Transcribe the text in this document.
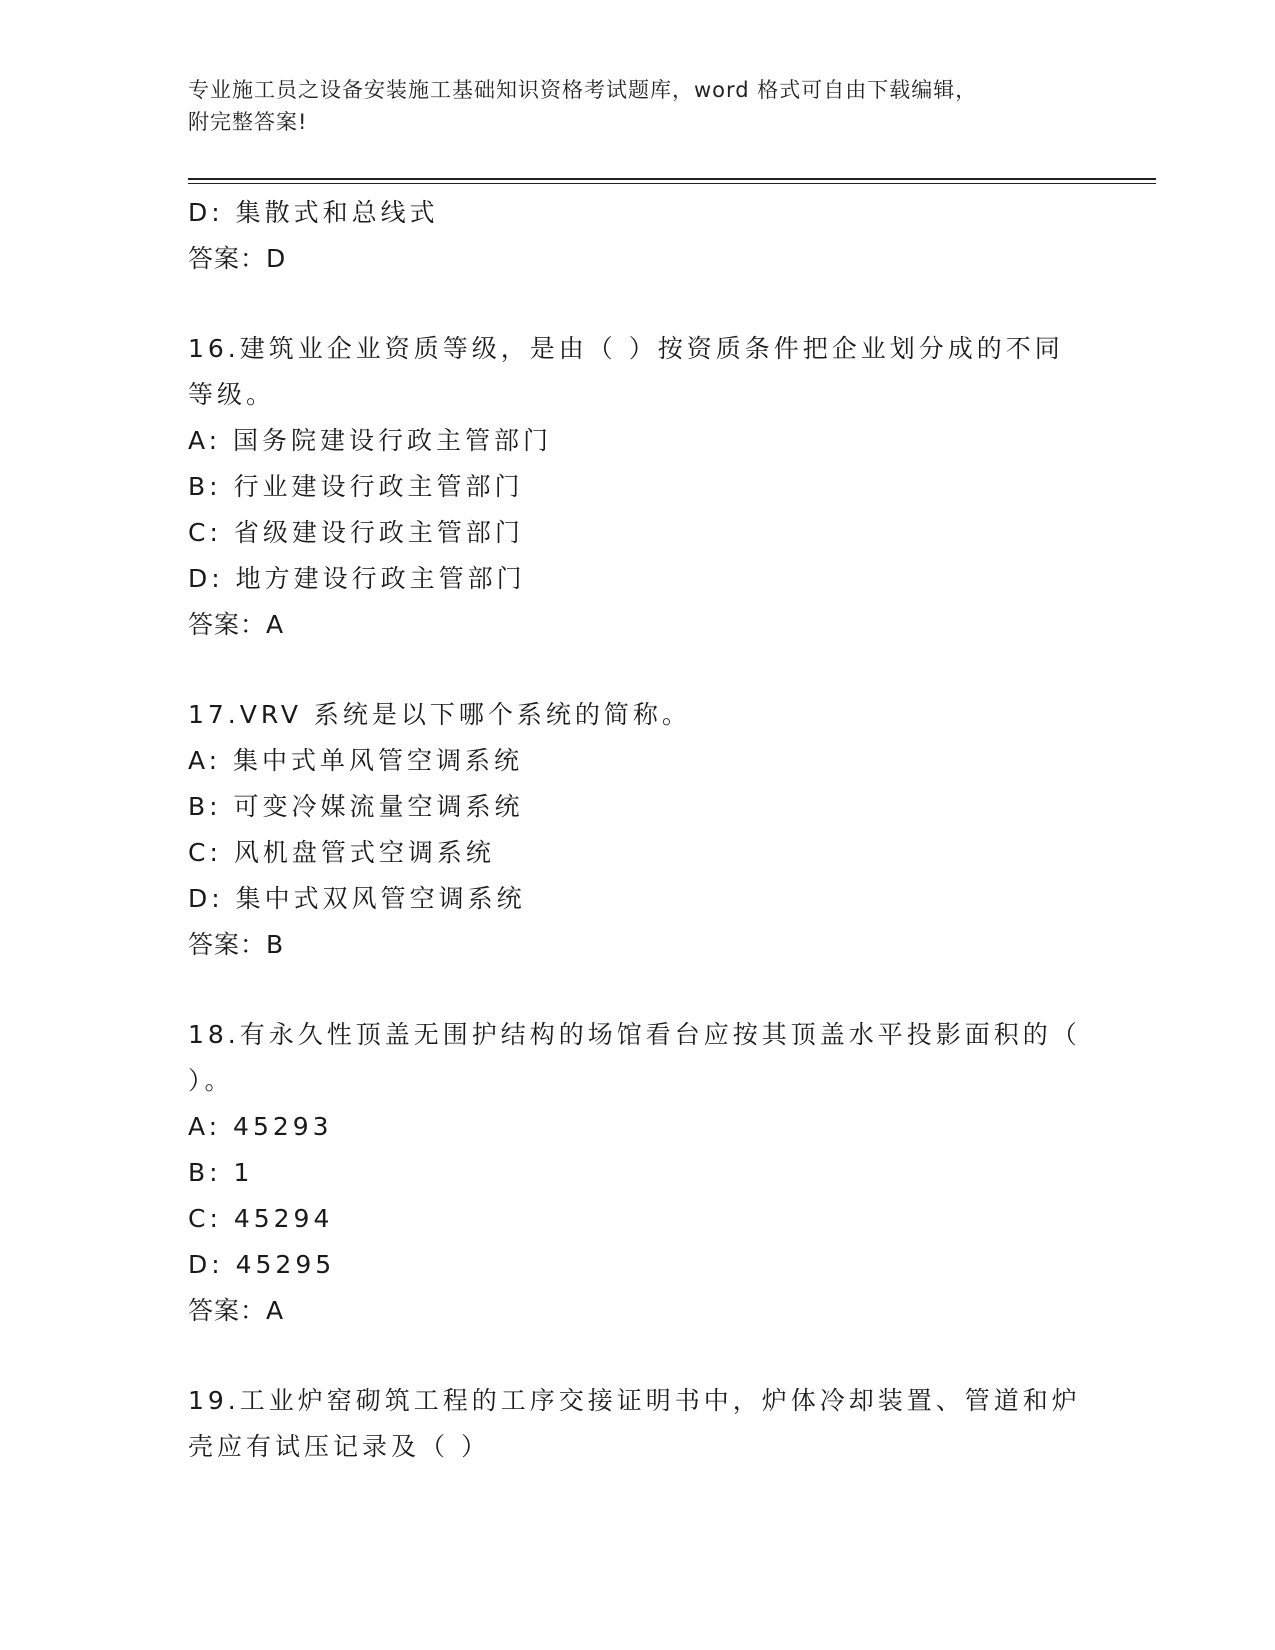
专业施工员之设备安装施工基础知识资格考试题库，word 格式可自由下载编辑，
附完整答案!
D: 集散式和总线式
答案：D
16.建筑业企业资质等级，是由（ ）按资质条件把企业划分成的不同
等级。
A: 国务院建设行政主管部门
B: 行业建设行政主管部门
C: 省级建设行政主管部门
D: 地方建设行政主管部门
答案：A
17.VRV 系统是以下哪个系统的简称。
A: 集中式单风管空调系统
B: 可变冷媒流量空调系统
C: 风机盘管式空调系统
D: 集中式双风管空调系统
答案：B
18.有永久性顶盖无围护结构的场馆看台应按其顶盖水平投影面积的（
）。
A: 45293
B: 1
C: 45294
D: 45295
答案：A
19.工业炉窑砌筑工程的工序交接证明书中，炉体冷却装置、管道和炉
壳应有试压记录及（ ）
